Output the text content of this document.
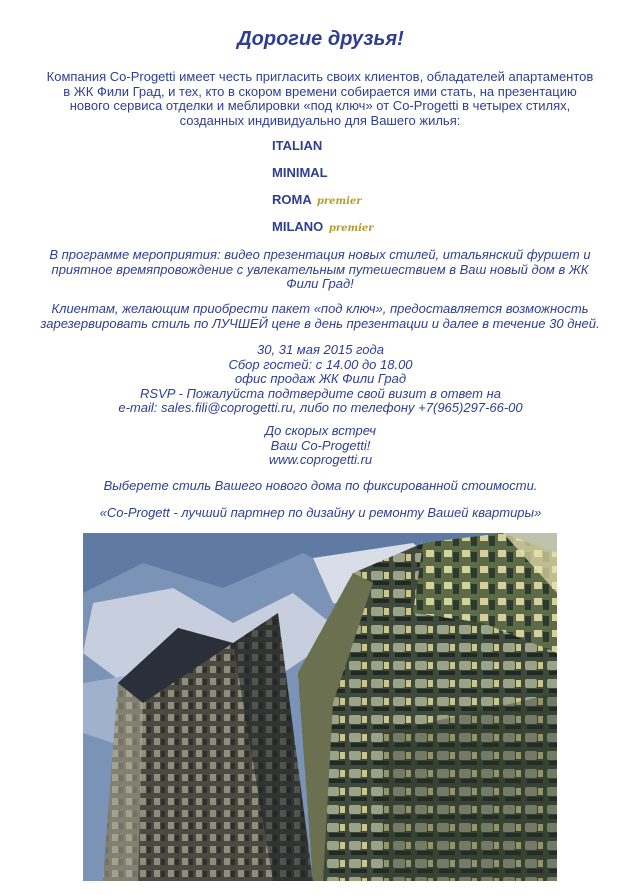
Дорогие друзья!
Компания Co-Progetti имеет честь пригласить своих клиентов, обладателей апартаментов
в ЖК Фили Град, и тех, кто в скором времени собирается ими стать, на презентацию
нового сервиса отделки и меблировки «под ключ» от Co-Progetti в четырех стилях,
созданных индивидуально для Вашего жилья:
ITALIAN
MINIMAL
ROMA premier
MILANO premier
В программе мероприятия: видео презентация новых стилей, итальянский фуршет и
приятное времяпровождение с увлекательным путешествием в Ваш новый дом в ЖК
Фили Град!
Клиентам, желающим приобрести пакет «под ключ», предоставляется возможность
зарезервировать стиль по ЛУЧШЕЙ цене в день презентации и далее в течение 30 дней.
30, 31 мая 2015 года
Сбор гостей: с 14.00 до 18.00
офис продаж ЖК Фили Град
RSVP - Пожалуйста подтвердите свой визит в ответ на
e-mail: sales.fili@coprogetti.ru, либо по телефону +7(965)297-66-00
До скорых встреч
Ваш Co-Progetti!
www.coprogetti.ru
Выберете стиль Вашего нового дома по фиксированной стоимости.
«Co-Progett - лучший партнер по дизайну и ремонту Вашей квартиры»
